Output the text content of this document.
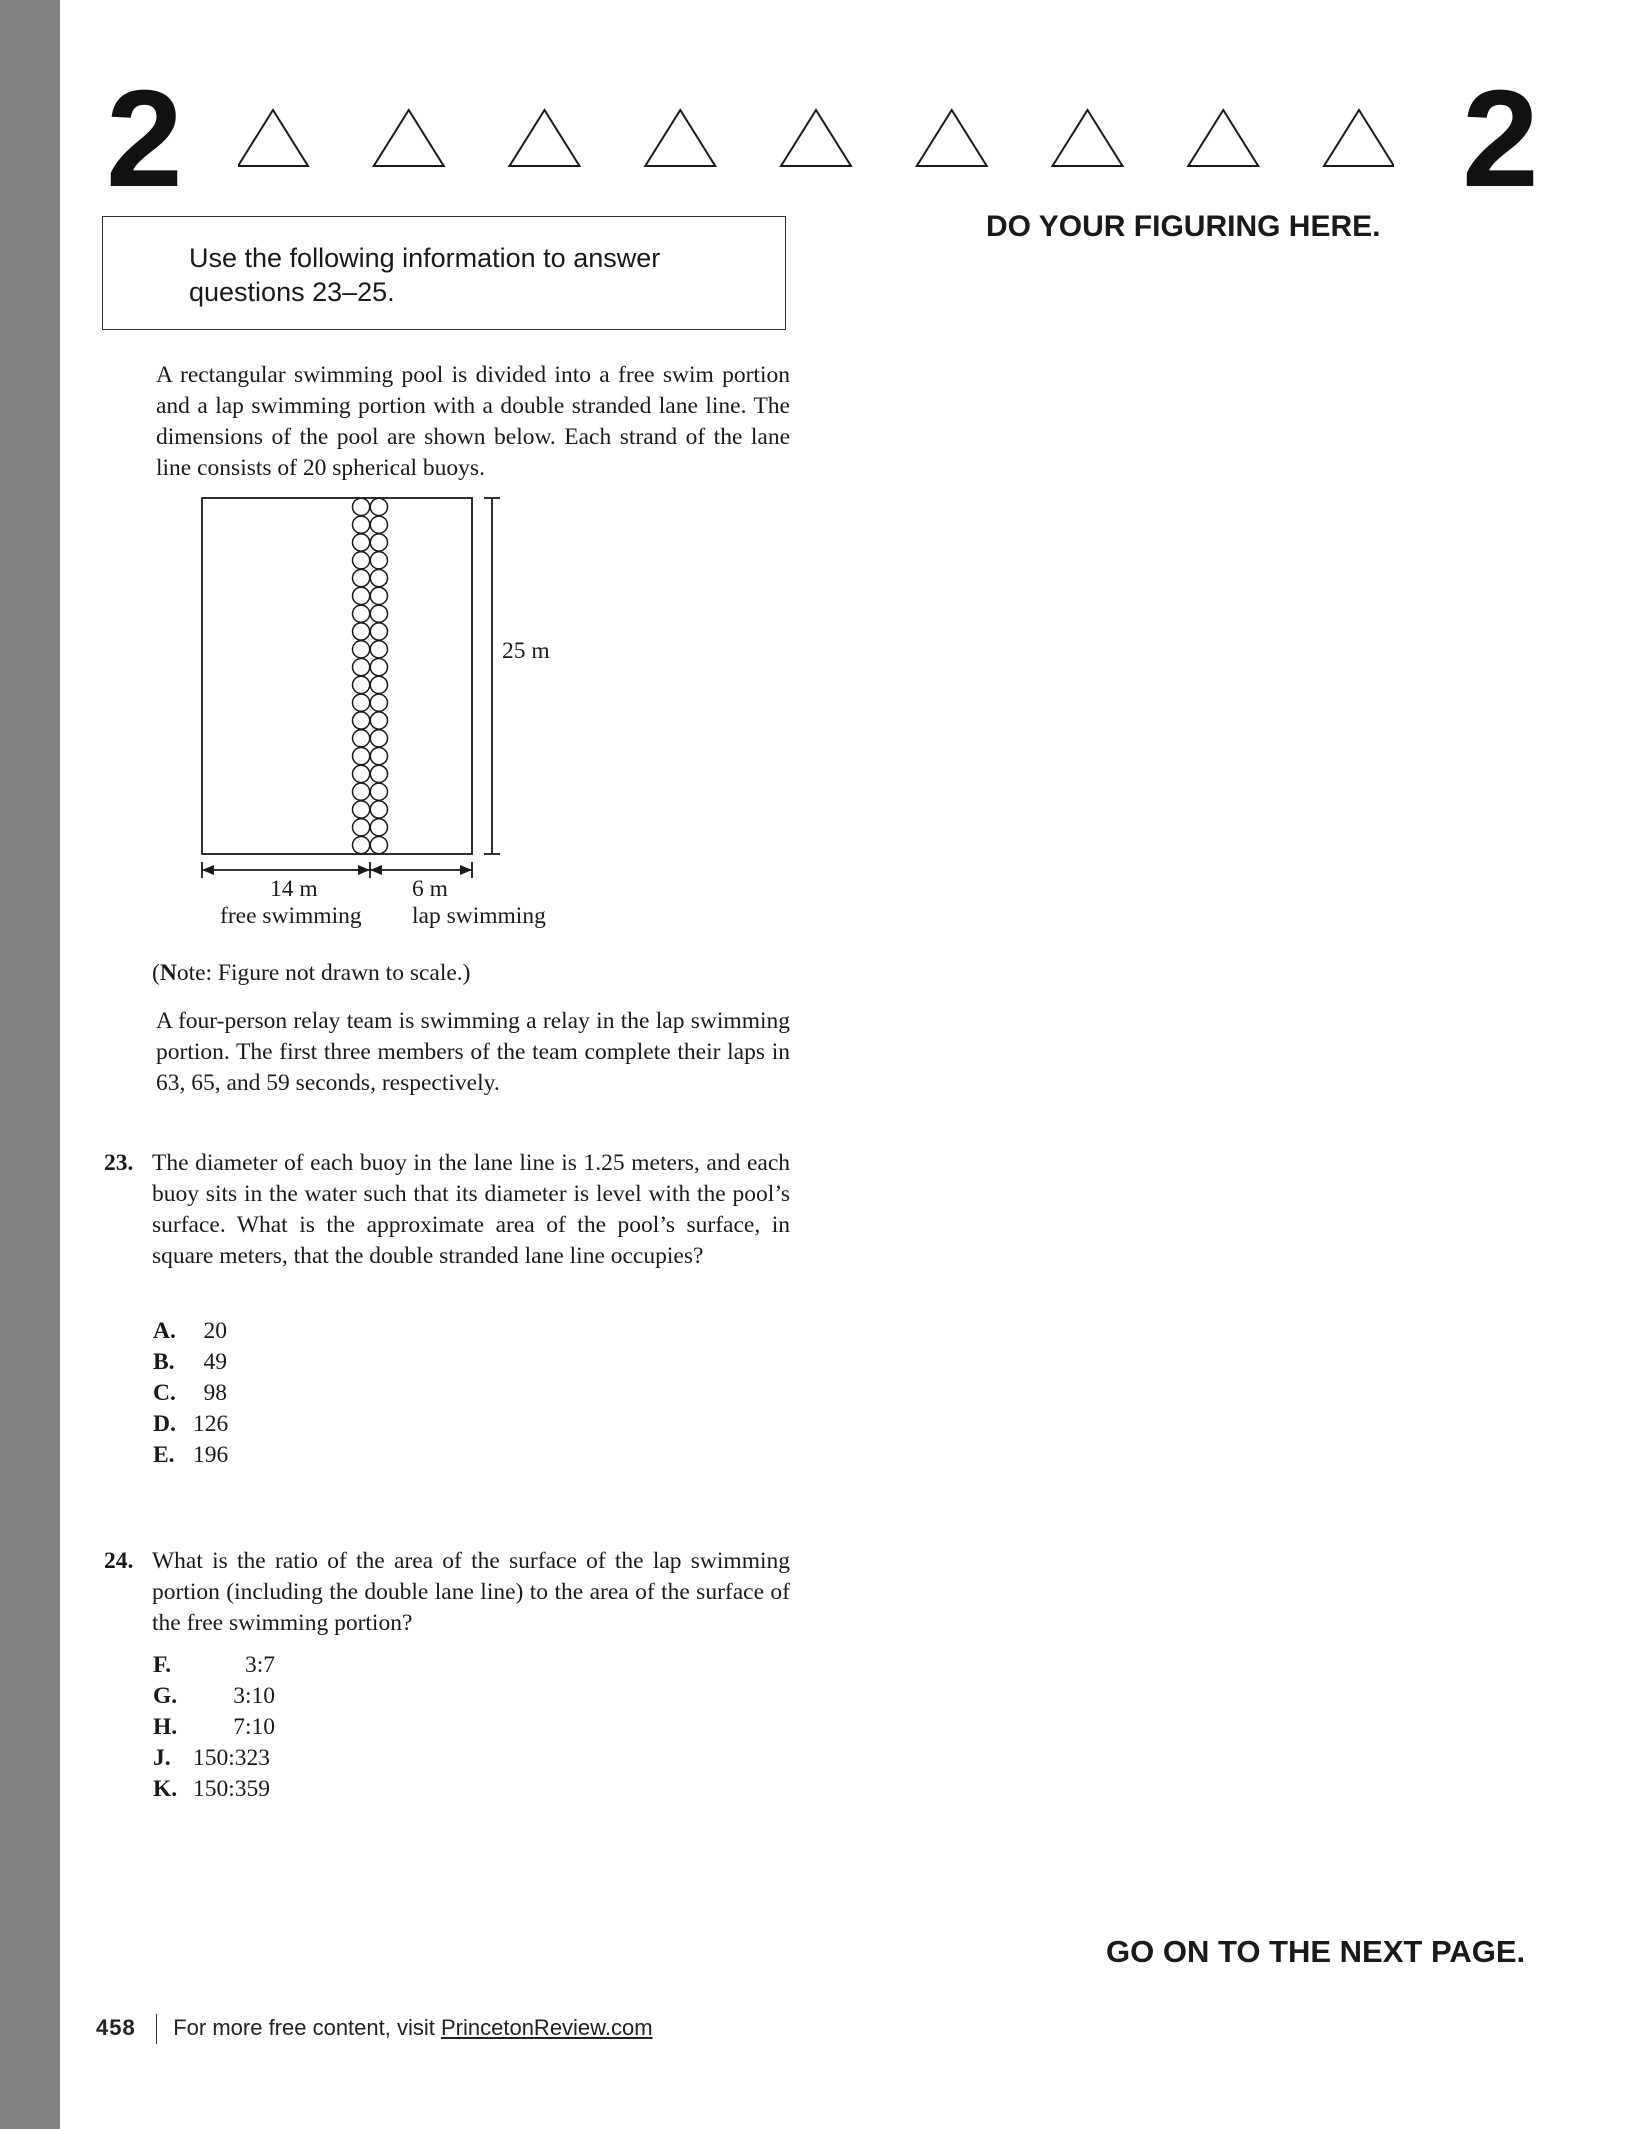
2	2
Use the following information to answer questions 23–25.
DO YOUR FIGURING HERE.

A rectangular swimming pool is divided into a free swim portion and a lap swimming portion with a double stranded lane line. The dimensions of the pool are shown below. Each strand of the lane line consists of 20 spherical buoys.

25 m
14 m
free swimming
6 m
lap swimming
(Note: Figure not drawn to scale.)

A four-person relay team is swimming a relay in the lap swimming portion. The first three members of the team complete their laps in 63, 65, and 59 seconds, respectively.

23. The diameter of each buoy in the lane line is 1.25 meters, and each buoy sits in the water such that its diameter is level with the pool’s surface. What is the approximate area of the pool’s surface, in square meters, that the double stranded lane line occupies?

A. 20
B. 49
C. 98
D. 126
E. 196
24. What is the ratio of the area of the surface of the lap swimming portion (including the double lane line) to the area of the surface of the free swimming portion?

F.	3:7
G. 3:10
H. 7:10
J. 150:323
K. 150:359
GO ON TO THE NEXT PAGE.
458 For more free content, visit PrincetonReview.com
